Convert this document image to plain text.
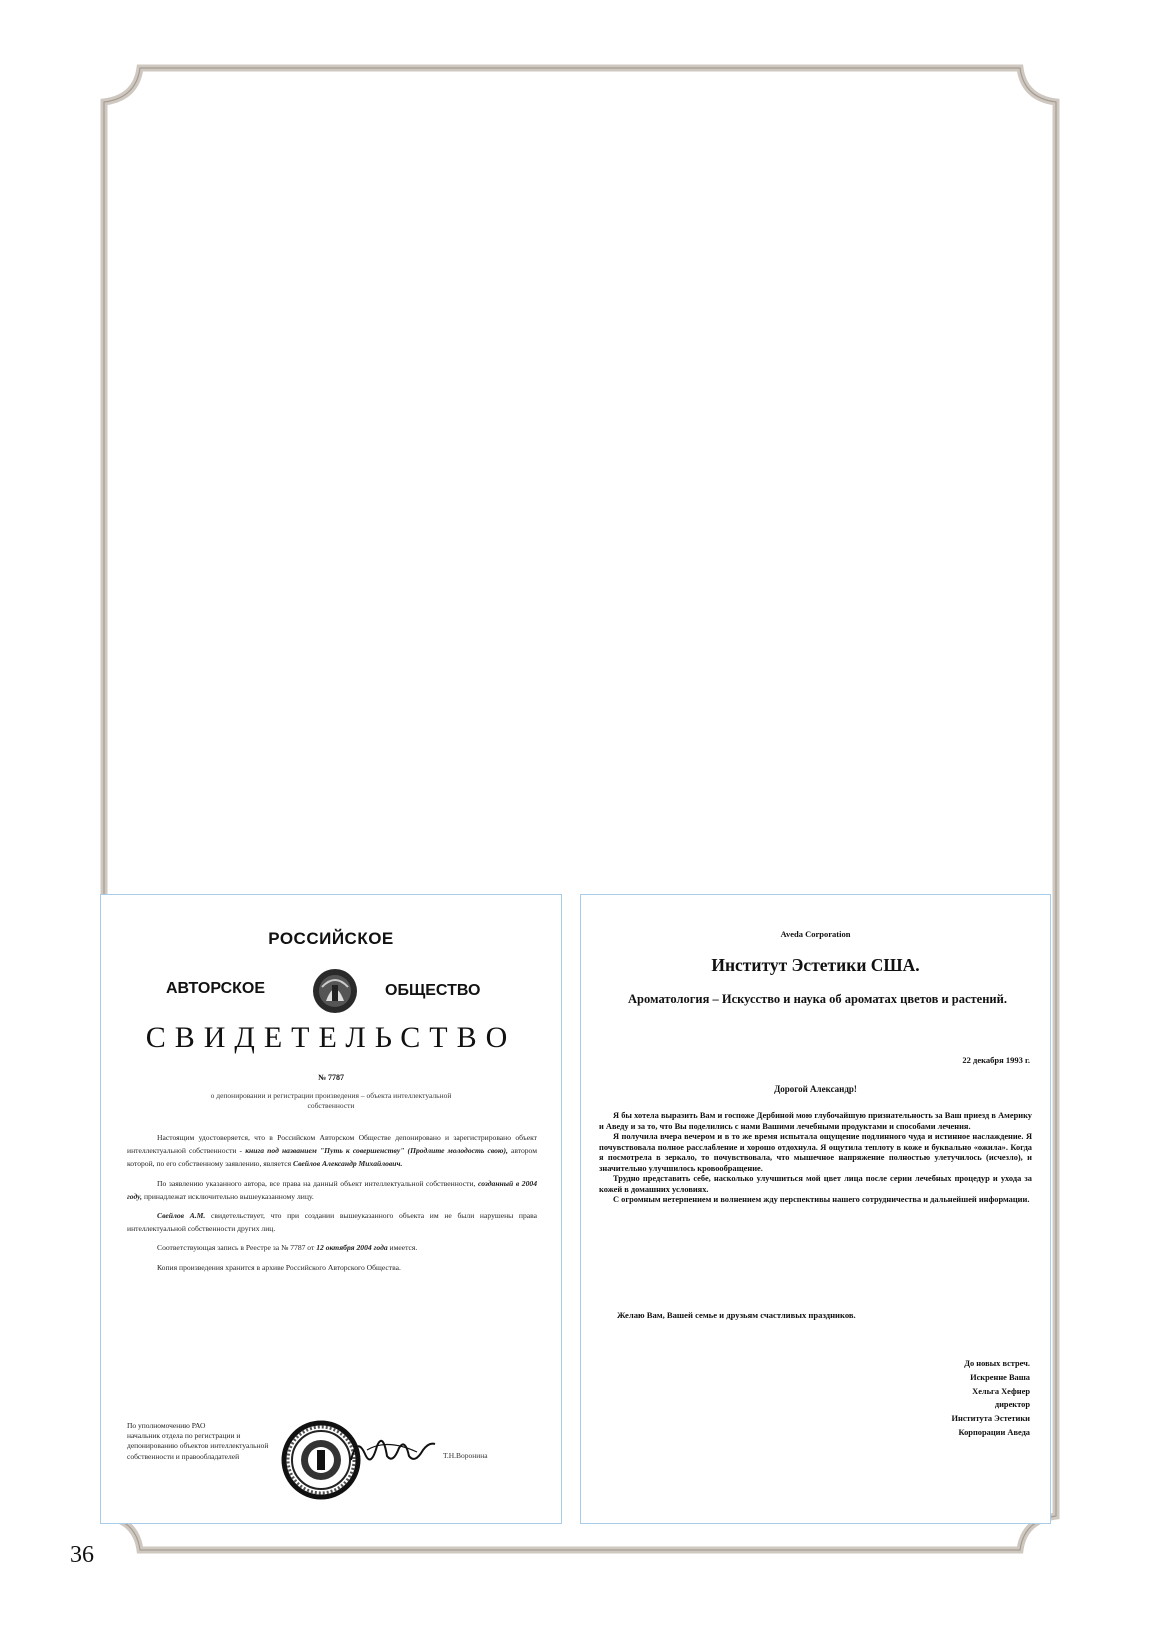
36
РОССИЙСКОЕ
АВТОРСКОЕ	ОБЩЕСТВО
СВИДЕТЕЛЬСТВО
№ 7787
о депонировании и регистрации произведения – объекта интеллектуальной собственности

Настоящим удостоверяется, что в Российском Авторском Обществе депонировано и зарегистрировано объект интеллектуальной собственности - книга под названием "Путь к совершенству" (Продлите молодость свою), автором которой, по его собственному заявлению, является Свейлов Александр Михайлович.

По заявлению указанного автора, все права на данный объект интеллектуальной собственности, созданный в 2004 году, принадлежат исключительно вышеуказанному лицу.

Свейлов А.М. свидетельствует, что при создании вышеуказанного объекта им не были нарушены права интеллектуальной собственности других лиц.

Соответствующая запись в Реестре за № 7787 от 12 октября 2004 года имеется.

Копия произведения хранится в архиве Российского Авторского Общества.

По уполномочению РАО
начальник отдела по регистрации и
депонированию объектов интеллектуальной
собственности и правообладателей	Т.Н.Воронина
Aveda Corporation
Институт Эстетики США.
Ароматология – Искусство и наука об ароматах цветов и растений.
22 декабря 1993 г.
Дорогой Александр!

Я бы хотела выразить Вам и госпоже Дербиной мою глубочайшую признательность за Ваш приезд в Америку и Аведу и за то, что Вы поделились с нами Вашими лечебными продуктами и способами лечения.

Я получила вчера вечером и в то же время испытала ощущение подлинного чуда и истинное наслаждение. Я почувствовала полное расслабление и хорошо отдохнула. Я ощутила теплоту в коже и буквально «ожила». Когда я посмотрела в зеркало, то почувствовала, что мышечное напряжение полностью улетучилось (исчезло), и значительно улучшилось кровообращение.

Трудно представить себе, насколько улучшиться мой цвет лица после серии лечебных процедур и ухода за кожей в домашних условиях.

С огромным нетерпением и волнением жду перспективы нашего сотрудничества и дальнейшей информации.

Желаю Вам, Вашей семье и друзьям счастливых праздников.
До новых встреч.
Искренне Ваша
Хельга Хефнер
директор
Института Эстетики
Корпорации Аведа
